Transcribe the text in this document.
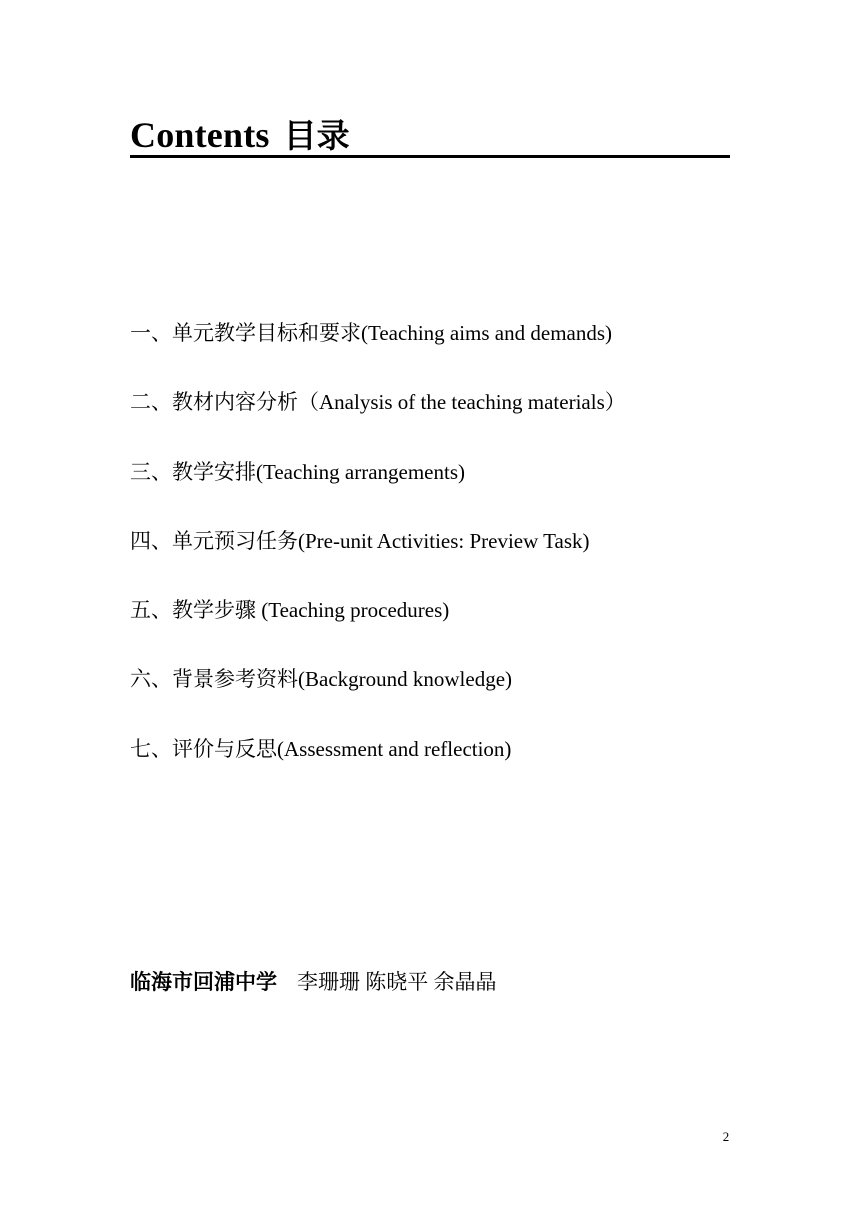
Contents 目录
一、单元教学目标和要求(Teaching aims and demands)
二、教材内容分析（Analysis of the teaching materials）
三、教学安排(Teaching arrangements)
四、单元预习任务(Pre-unit Activities: Preview Task)
五、教学步骤 (Teaching procedures)
六、背景参考资料(Background knowledge)
七、评价与反思(Assessment and reflection)
临海市回浦中学 李珊珊 陈晓平 余晶晶
2
